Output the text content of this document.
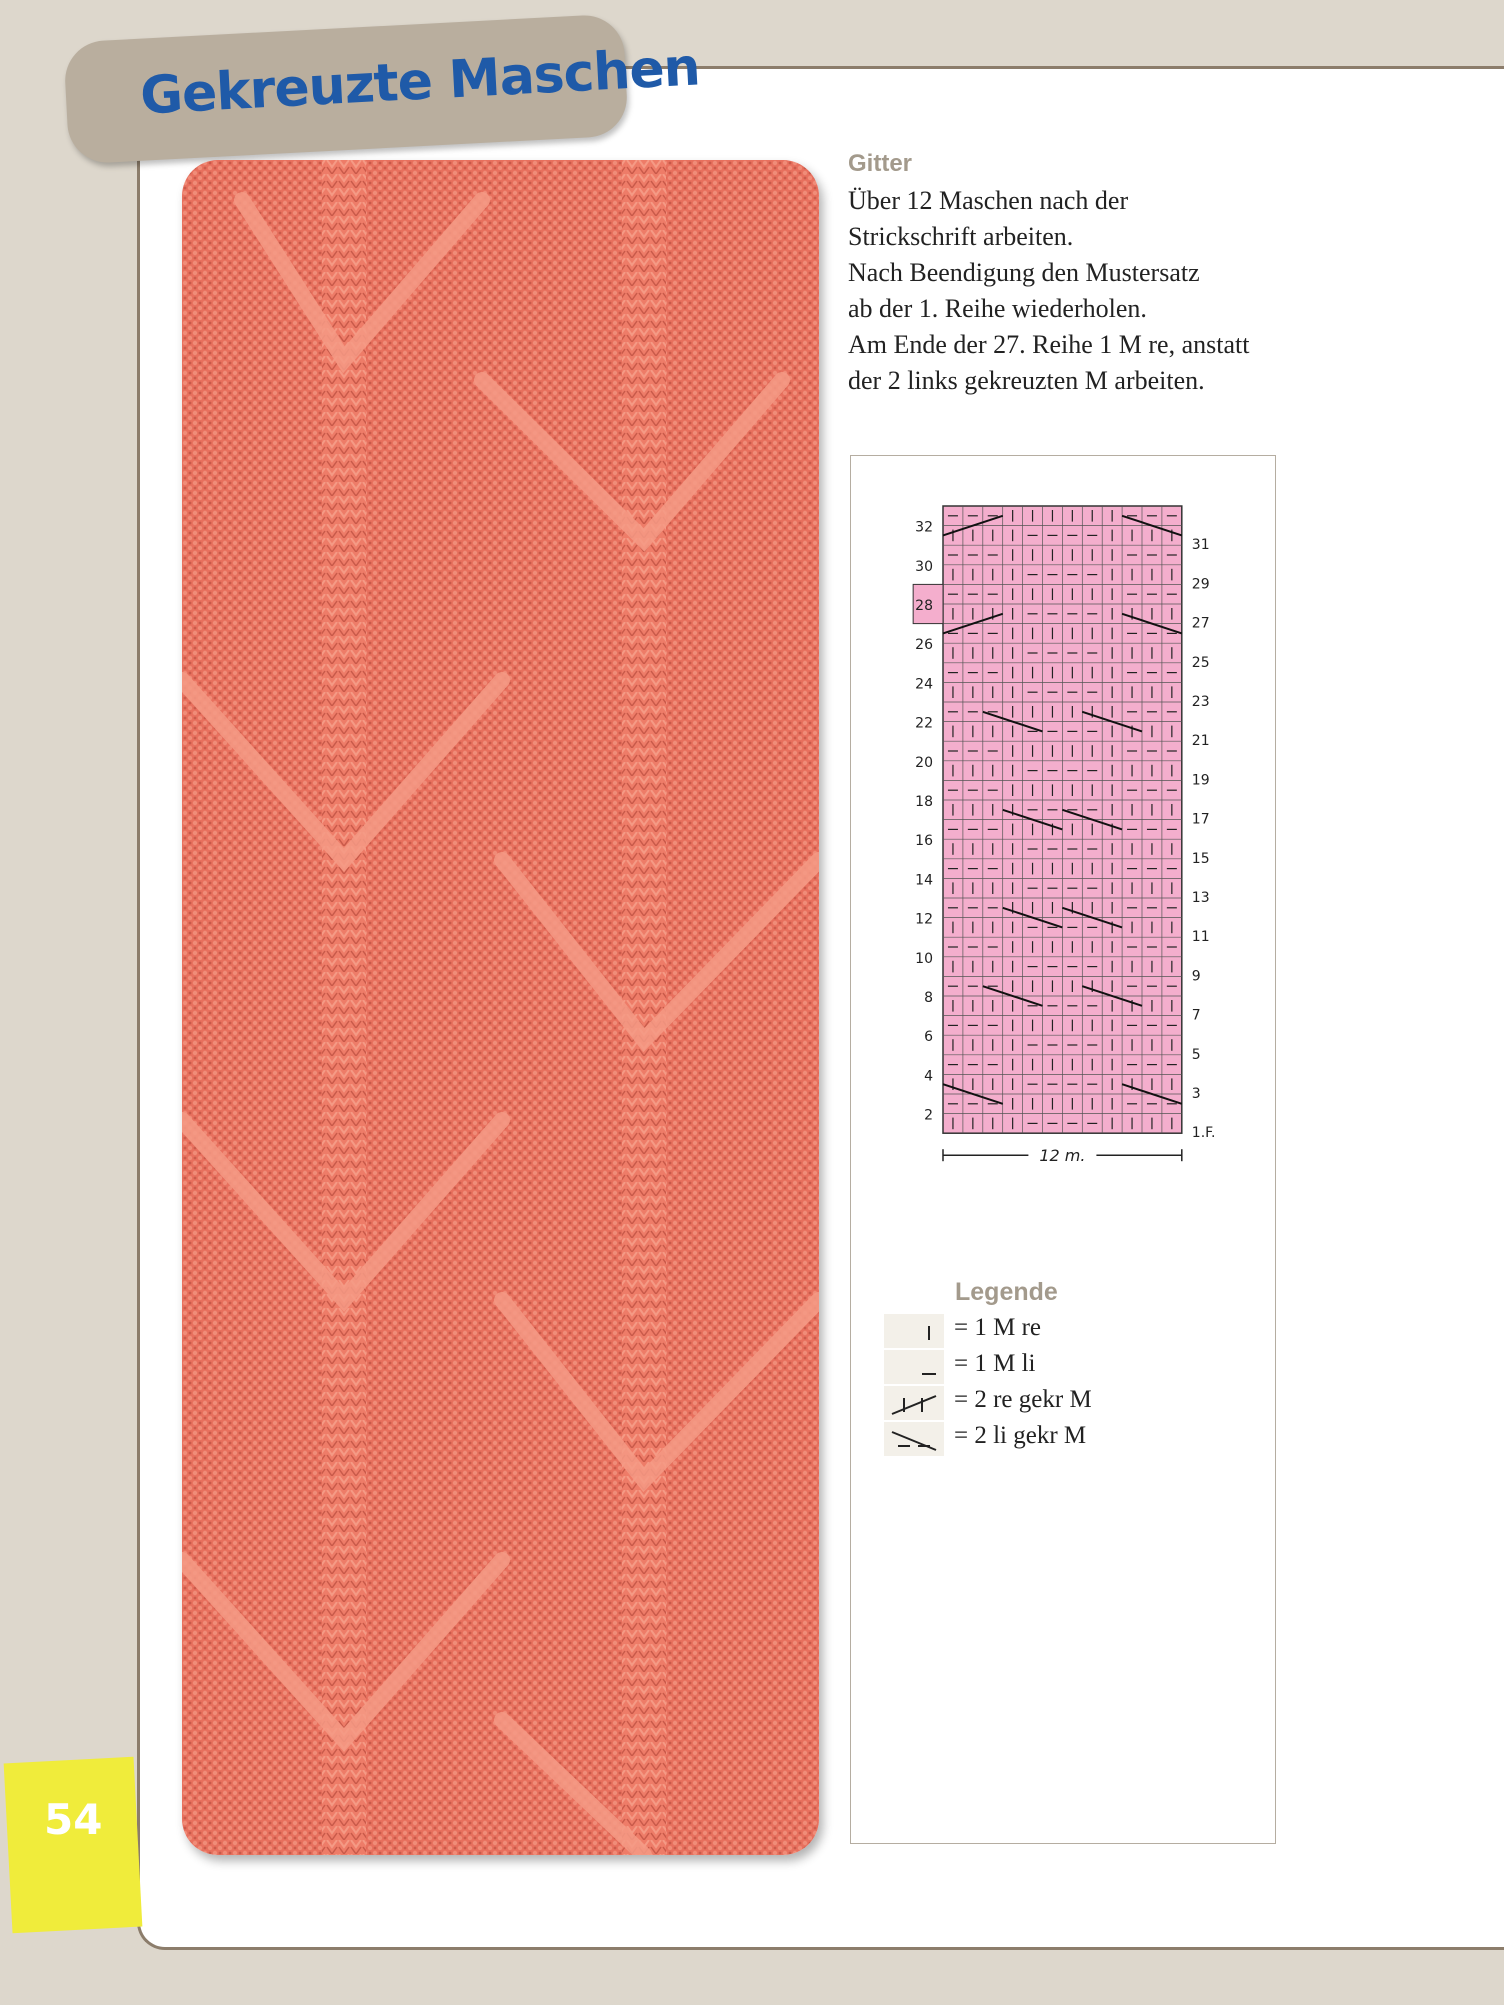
Gekreuzte Maschen
Gitter
Über 12 Maschen nach der
Strickschrift arbeiten.
Nach Beendigung den Mustersatz
ab der 1. Reihe wiederholen.
Am Ende der 27. Reihe 1 M re, anstatt
der 2 links gekreuzten M arbeiten.
32
30
28
26
24
22
20
18
16
14
12
10
8
6
4
2
31
29
27
25
23
21
19
17
15
13
11
9
7
5
3
1.F.
12 m.
Legende
= 1 M re
= 1 M li
= 2 re gekr M
= 2 li gekr M
54
